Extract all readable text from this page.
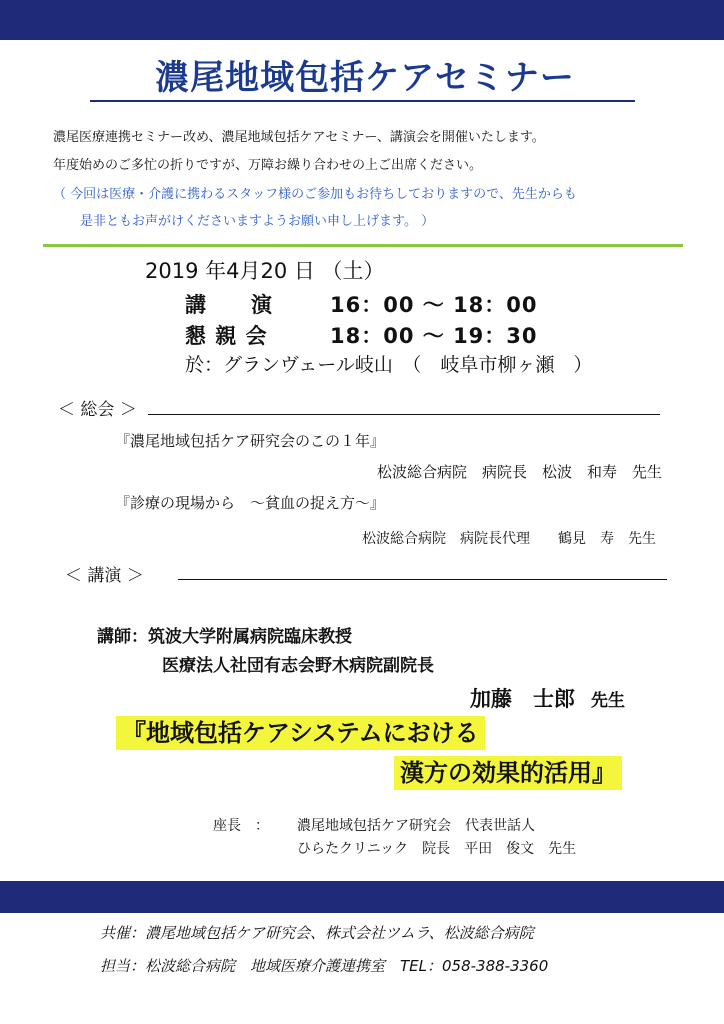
濃尾地域包括ケアセミナー
濃尾医療連携セミナー改め、濃尾地域包括ケアセミナー、講演会を開催いたします。
年度始めのご多忙の折りですが、万障お繰り合わせの上ご出席ください。
（ 今回は医療・介護に携わるスタッフ様のご参加もお待ちしておりますので、先生からも
是非ともお声がけくださいますようお願い申し上げます。 ）
2019 年4月20 日 （土）
講　　演	16：00 ～ 18：00
懇 親 会	18：00 ～ 19：30
於：グランヴェール岐山　（　岐阜市柳ヶ瀬　）
＜ 総会 ＞
『濃尾地域包括ケア研究会のこの１年』
松波総合病院　病院長　松波　和寿　先生
『診療の現場から　～貧血の捉え方～』
松波総合病院　病院長代理　　鶴見　寿　先生
＜ 講演 ＞
講師：筑波大学附属病院臨床教授
医療法人社団有志会野木病院副院長
加藤　士郎 先生
『地域包括ケアシステムにおける
漢方の効果的活用』
座長　： 濃尾地域包括ケア研究会　代表世話人
ひらたクリニック　院長　平田　俊文　先生
共催：濃尾地域包括ケア研究会、株式会社ツムラ、松波総合病院
担当：松波総合病院　地域医療介護連携室　TEL：058-388-3360
